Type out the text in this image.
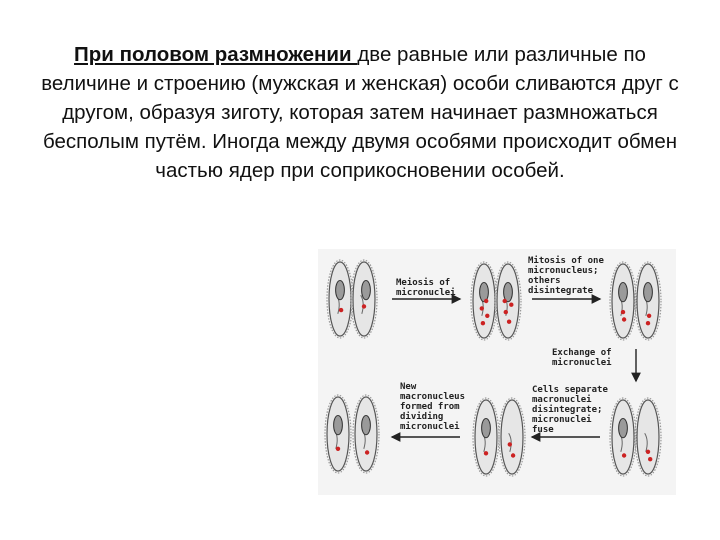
При половом размножении две равные или различные по величине и строению (мужская и женская) особи сливаются друг с другом, образуя зиготу, которая затем начинает размножаться бесполым путём. Иногда между двумя особями происходит обмен частью ядер при соприкосновении особей.
Meiosis of
micronuclei
Mitosis of one
micronucleus;
others
disintegrate
Exchange of
micronuclei
Cells separate
macronuclei
disintegrate;
micronuclei
fuse
New
macronucleus
formed from
dividing
micronuclei
